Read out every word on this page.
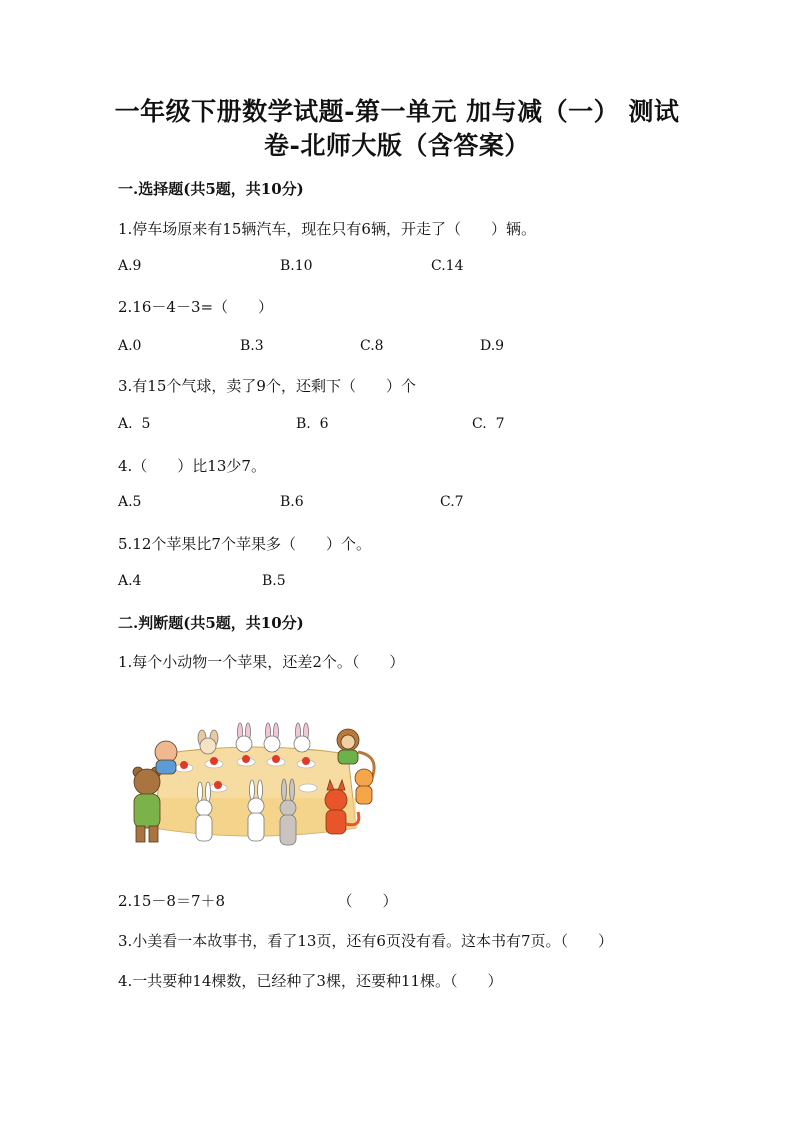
一年级下册数学试题-第一单元 加与减（一） 测试
卷-北师大版（含答案）
一.选择题(共5题，共10分)
1.停车场原来有15辆汽车，现在只有6辆，开走了（　　）辆。
A.9	B.10	C.14
2.16－4－3=（　　）
A.0	B.3	C.8	D.9
3.有15个气球，卖了9个，还剩下（　　）个
A.  5	B.  6	C.  7
4.（　　）比13少7。
A.5	B.6	C.7
5.12个苹果比7个苹果多（　　）个。
A.4	B.5
二.判断题(共5题，共10分)
1.每个小动物一个苹果，还差2个。（　　）
2.15－8＝7＋8　　　　　　　　（　　）
3.小美看一本故事书，看了13页，还有6页没有看。这本书有7页。（　　）
4.一共要种14棵数，已经种了3棵，还要种11棵。（　　）
